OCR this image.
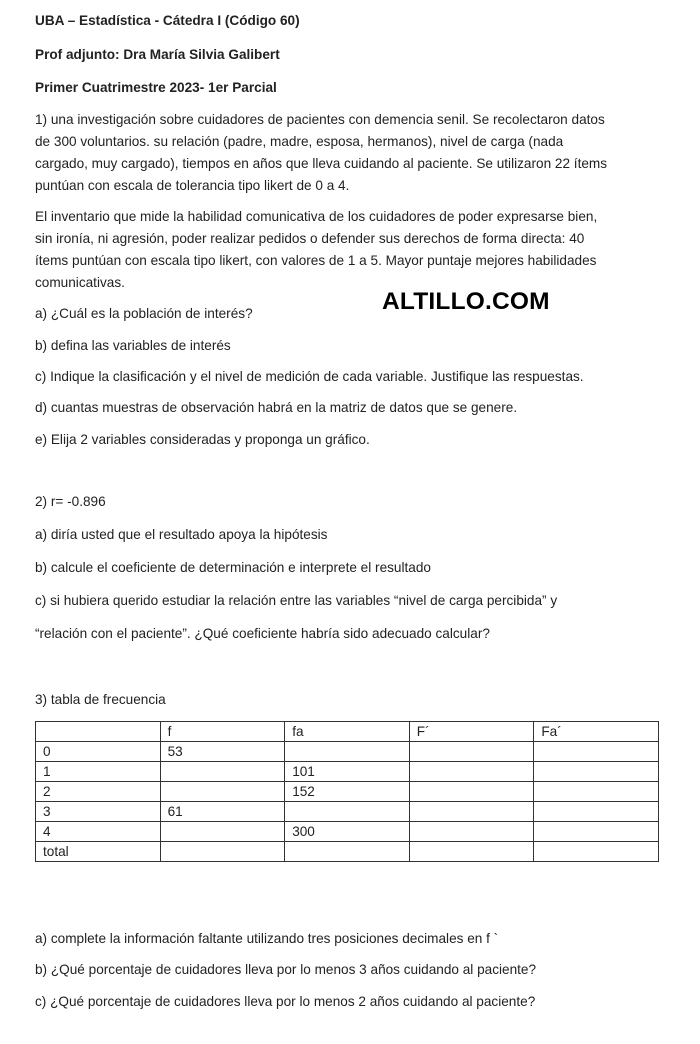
UBA – Estadística - Cátedra I (Código 60)
Prof adjunto: Dra María Silvia Galibert
Primer Cuatrimestre 2023- 1er Parcial
1) una investigación sobre cuidadores de pacientes con demencia senil. Se recolectaron datos
de 300 voluntarios. su relación (padre, madre, esposa, hermanos), nivel de carga (nada
cargado, muy cargado), tiempos en años que lleva cuidando al paciente. Se utilizaron 22 ítems
puntúan con escala de tolerancia tipo likert de 0 a 4.
El inventario que mide la habilidad comunicativa de los cuidadores de poder expresarse bien,
sin ironía, ni agresión, poder realizar pedidos o defender sus derechos de forma directa: 40
ítems puntúan con escala tipo likert, con valores de 1 a 5. Mayor puntaje mejores habilidades
comunicativas.
a) ¿Cuál es la población de interés?
b) defina las variables de interés
c) Indique la clasificación y el nivel de medición de cada variable. Justifique las respuestas.
d) cuantas muestras de observación habrá en la matriz de datos que se genere.
e) Elija 2 variables consideradas y proponga un gráfico.
2) r= -0.896
a) diría usted que el resultado apoya la hipótesis
b) calcule el coeficiente de determinación e interprete el resultado
c) si hubiera querido estudiar la relación entre las variables “nivel de carga percibida” y
“relación con el paciente”. ¿Qué coeficiente habría sido adecuado calcular?
3) tabla de frecuencia
	f	fa	F´	Fa´
0	53			
1		101		
2		152		
3	61			
4		300		
total				
a) complete la información faltante utilizando tres posiciones decimales en f `
b) ¿Qué porcentaje de cuidadores lleva por lo menos 3 años cuidando al paciente?
c) ¿Qué porcentaje de cuidadores lleva por lo menos 2 años cuidando al paciente?
ALTILLO.COM
